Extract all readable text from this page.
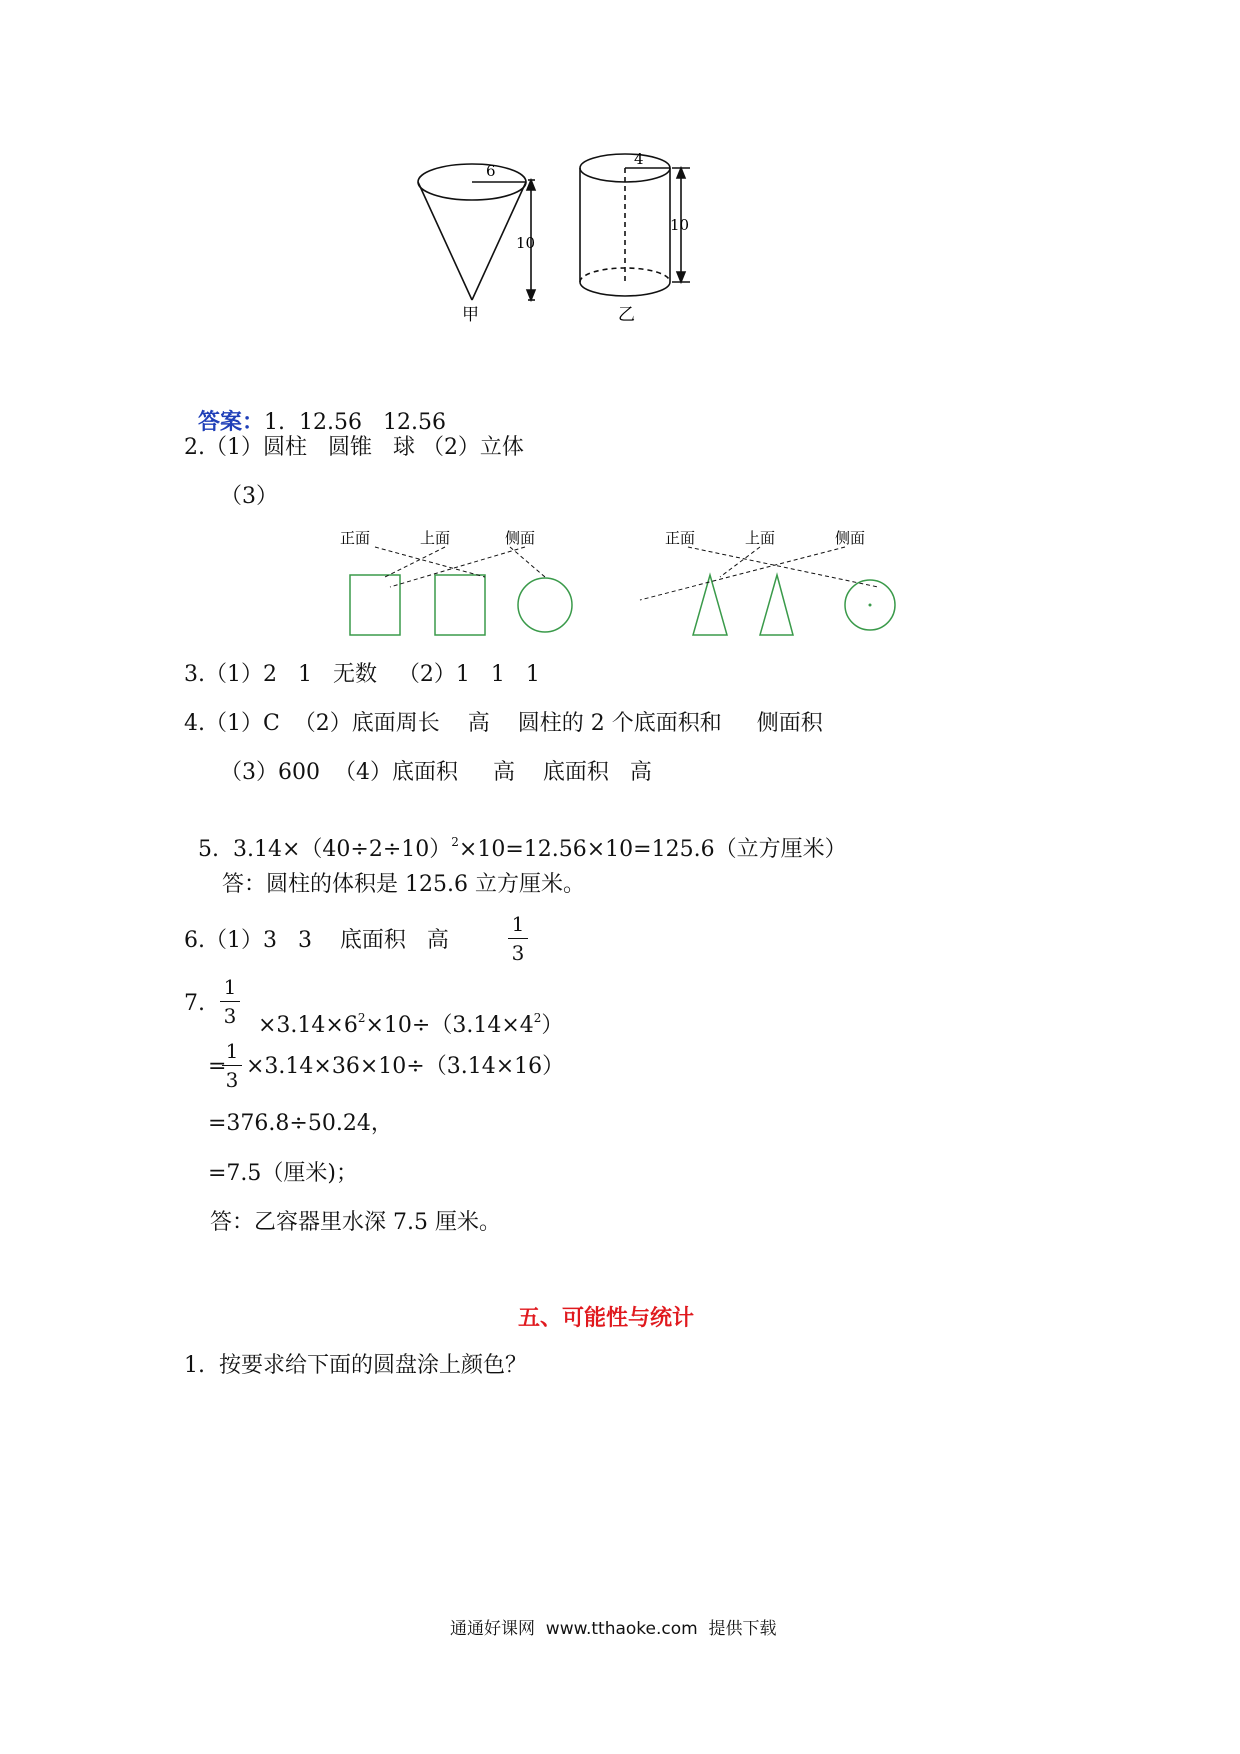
6
10
甲
4
10
乙

答案：1.  12.56   12.56

2.（1）圆柱   圆锥   球 （2）立体
（3）
正面	上面	侧面	正面	上面	侧面
3.（1）2   1   无数   （2）1   1   1
4.（1）C  （2）底面周长    高    圆柱的 2 个底面积和     侧面积
（3）600  （4）底面积     高    底面积   高

5.  $3.14\times(40\div 2\div 10)^2\times 10=12.56\times 10=125.6$（立方厘米）

答：圆柱的体积是 125.6 立方厘米。
6.（1）3   3    底面积   高
1
3
7.
1
$3 \times 3.14\times 6^2\times 10\div(3.14\times 4^2)$

=
1
3
×3.14×36×10÷（3.14×16）
=376.8÷50.24，
=7.5（厘米)；
答：乙容器里水深 7.5 厘米。
五、可能性与统计
1.  按要求给下面的圆盘涂上颜色？
通通好课网  www.tthaoke.com  提供下载
